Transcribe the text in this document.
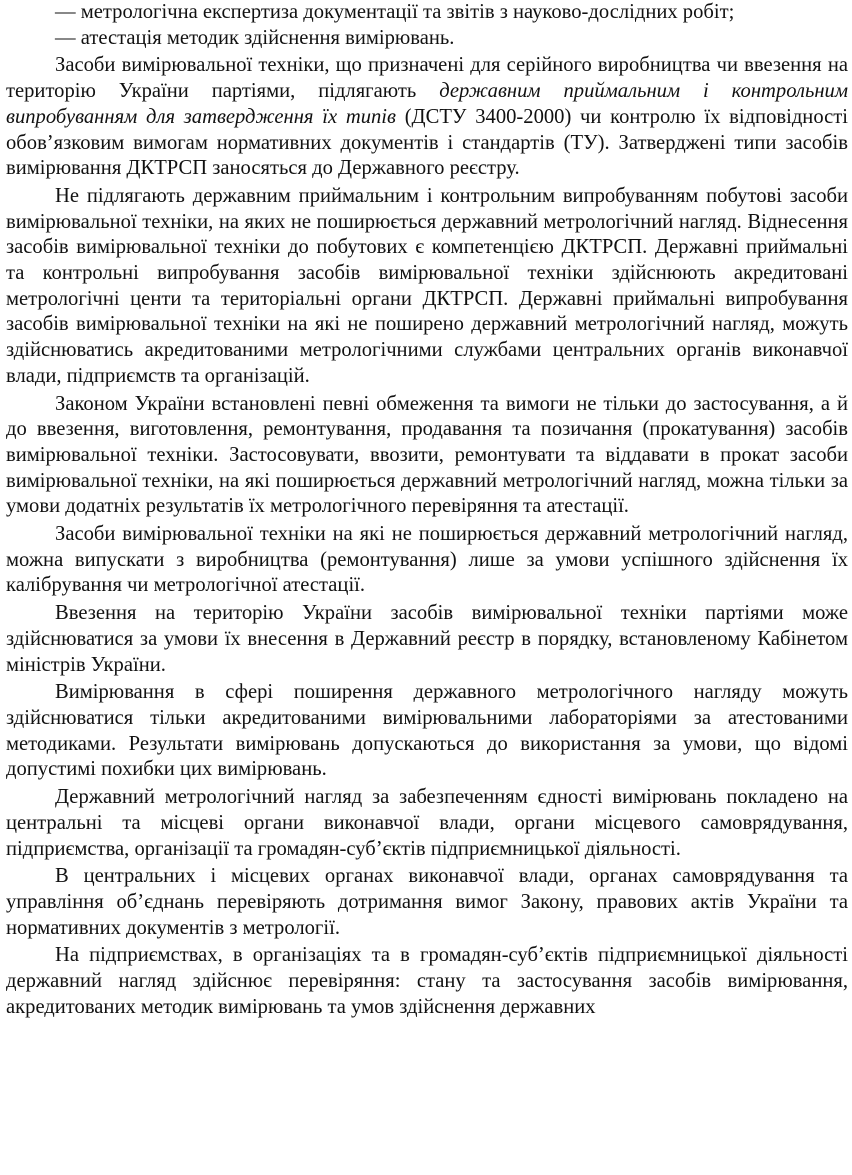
— метрологічна експертиза документації та звітів з науково-дослідних робіт;

— атестація методик здійснення вимірювань.

Засоби вимірювальної техніки, що призначені для серійного виробництва чи ввезення на територію України партіями, підлягають державним приймальним і контрольним випробуванням для затвердження їх типів (ДСТУ 3400-2000) чи контролю їх відповідності обов’язковим вимогам нормативних документів і стандартів (ТУ). Затверджені типи засобів вимірювання ДКТРСП заносяться до Державного реєстру.

Не підлягають державним приймальним і контрольним випробуванням побутові засоби вимірювальної техніки, на яких не поширюється державний метрологічний нагляд. Віднесення засобів вимірювальної техніки до побутових є компетенцією ДКТРСП. Державні приймальні та контрольні випробування засобів вимірювальної техніки здійснюють акредитовані метрологічні центи та територіальні органи ДКТРСП. Державні приймальні випробування засобів вимірювальної техніки на які не поширено державний метрологічний нагляд, можуть здійснюватись акредитованими метрологічними службами центральних органів виконавчої влади, підприємств та організацій.

Законом України встановлені певні обмеження та вимоги не тільки до застосування, а й до ввезення, виготовлення, ремонтування, продавання та позичання (прокатування) засобів вимірювальної техніки. Застосовувати, ввозити, ремонтувати та віддавати в прокат засоби вимірювальної техніки, на які поширюється державний метрологічний нагляд, можна тільки за умови додатніх результатів їх метрологічного перевіряння та атестації.

Засоби вимірювальної техніки на які не поширюється державний метрологічний нагляд, можна випускати з виробництва (ремонтування) лише за умови успішного здійснення їх калібрування чи метрологічної атестації.

Ввезення на територію України засобів вимірювальної техніки партіями може здійснюватися за умови їх внесення в Державний реєстр в порядку, встановленому Кабінетом міністрів України.

Вимірювання в сфері поширення державного метрологічного нагляду можуть здійснюватися тільки акредитованими вимірювальними лабораторіями за атестованими методиками. Результати вимірювань допускаються до використання за умови, що відомі допустимі похибки цих вимірювань.

Державний метрологічний нагляд за забезпеченням єдності вимірювань покладено на центральні та місцеві органи виконавчої влади, органи місцевого самоврядування, підприємства, організації та громадян-суб’єктів підприємницької діяльності.

В центральних і місцевих органах виконавчої влади, органах самоврядування та управління об’єднань перевіряють дотримання вимог Закону, правових актів України та нормативних документів з метрології.

На підприємствах, в організаціях та в громадян-суб’єктів підприємницької діяльності державний нагляд здійснює перевіряння: стану та застосування засобів вимірювання, акредитованих методик вимірювань та умов здійснення державних
